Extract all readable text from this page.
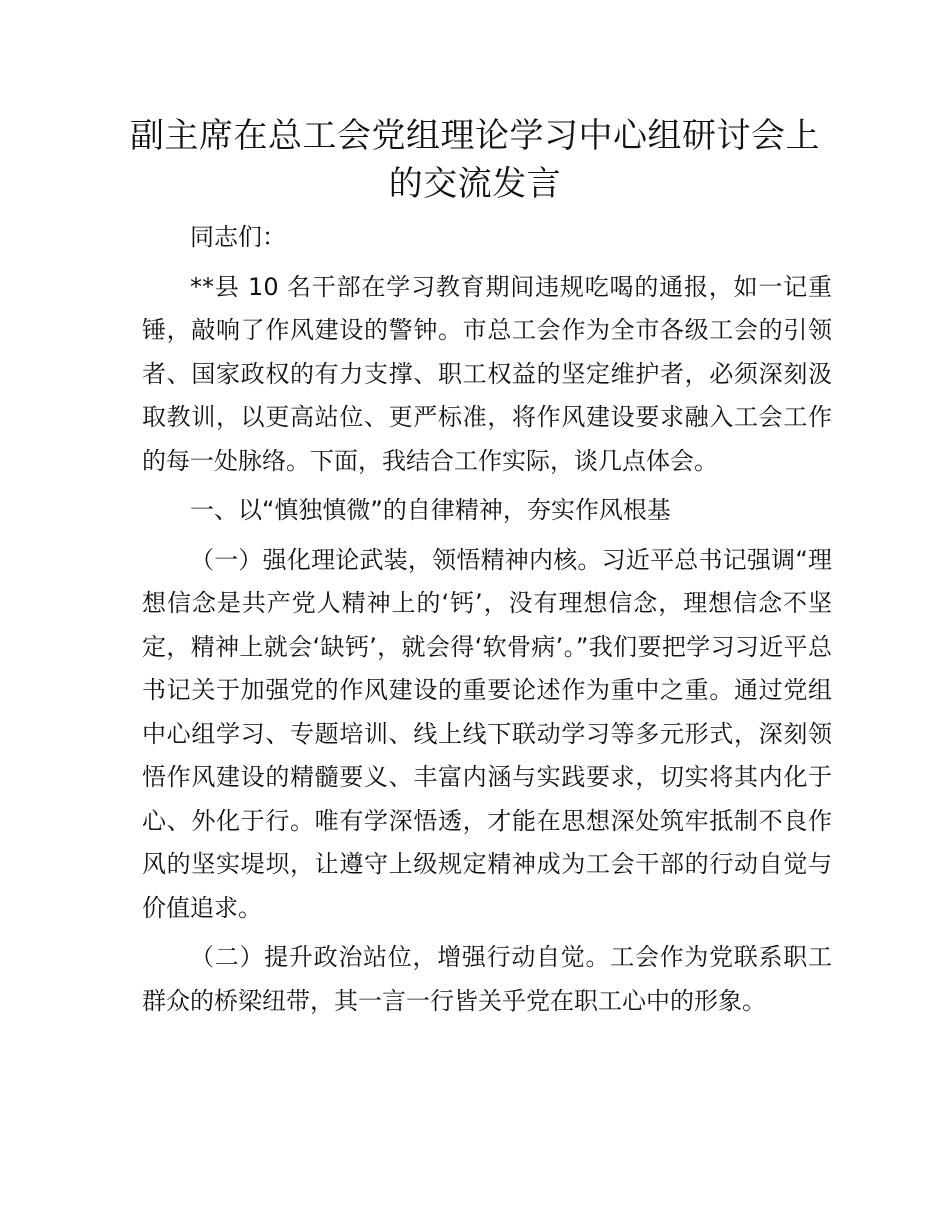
副主席在总工会党组理论学习中心组研讨会上
的交流发言

同志们：

**县 10 名干部在学习教育期间违规吃喝的通报，如一记重锤，敲响了作风建设的警钟。市总工会作为全市各级工会的引领者、国家政权的有力支撑、职工权益的坚定维护者，必须深刻汲取教训，以更高站位、更严标准，将作风建设要求融入工会工作的每一处脉络。下面，我结合工作实际，谈几点体会。

一、以“慎独慎微”的自律精神，夯实作风根基

（一）强化理论武装，领悟精神内核。习近平总书记强调“理想信念是共产党人精神上的‘钙’，没有理想信念，理想信念不坚定，精神上就会‘缺钙’，就会得‘软骨病’。”我们要把学习习近平总书记关于加强党的作风建设的重要论述作为重中之重。通过党组中心组学习、专题培训、线上线下联动学习等多元形式，深刻领悟作风建设的精髓要义、丰富内涵与实践要求，切实将其内化于心、外化于行。唯有学深悟透，才能在思想深处筑牢抵制不良作风的坚实堤坝，让遵守上级规定精神成为工会干部的行动自觉与价值追求。

（二）提升政治站位，增强行动自觉。工会作为党联系职工群众的桥梁纽带，其一言一行皆关乎党在职工心中的形象。
